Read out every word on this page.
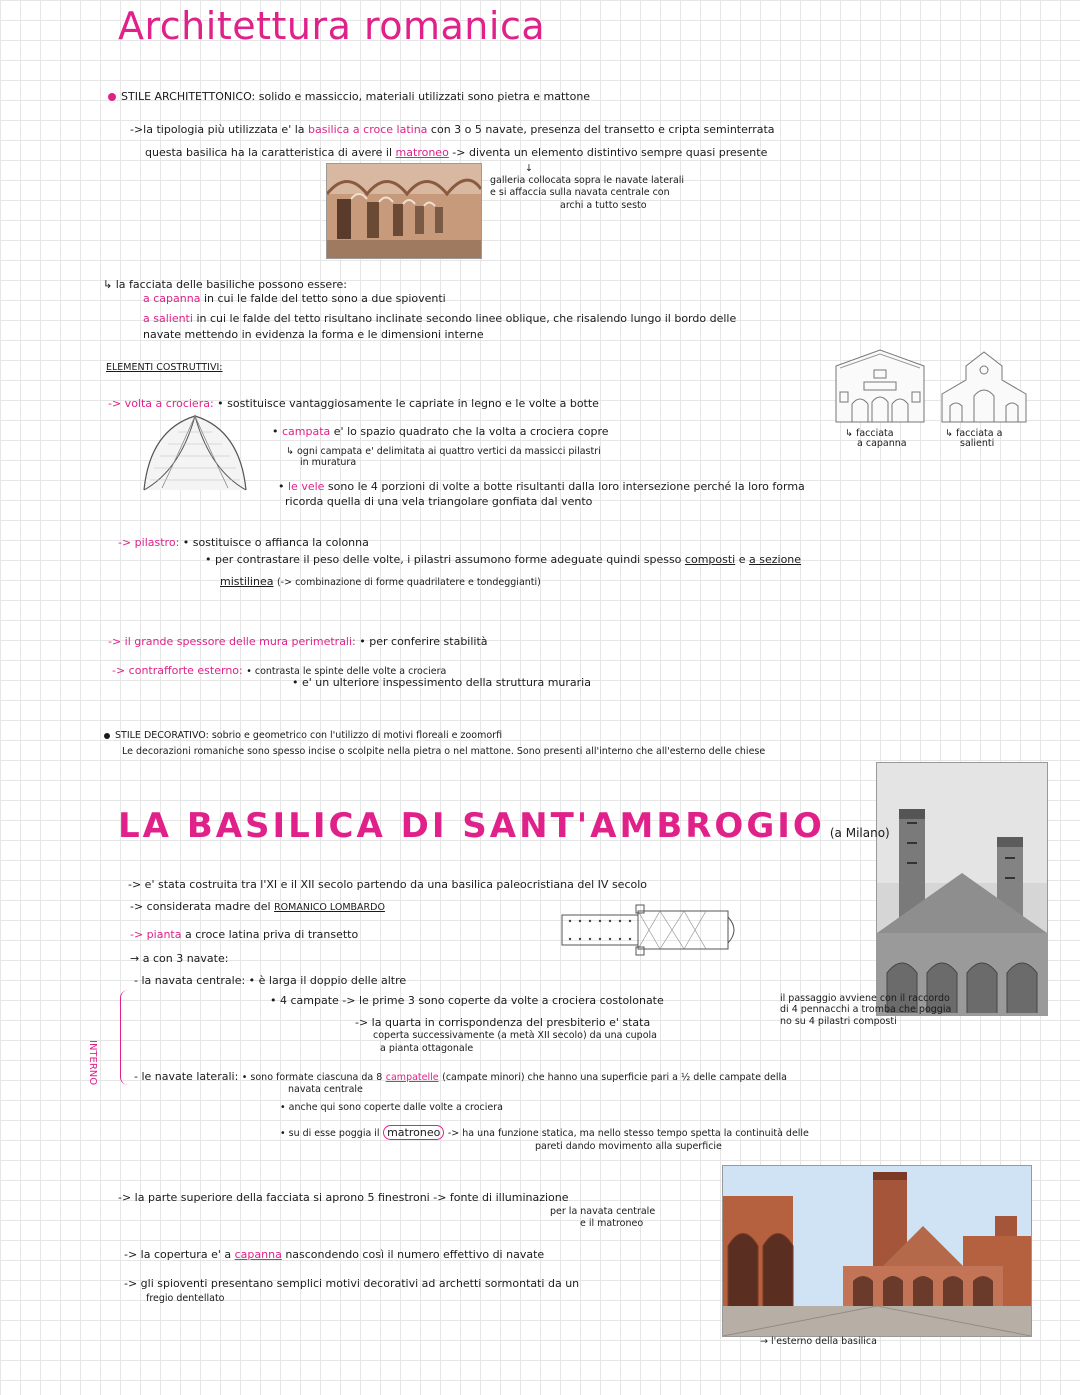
Architettura romanica
STILE ARCHITETTONICO: solido e massiccio, materiali utilizzati sono pietra e mattone
->la tipologia più utilizzata e' la basilica a croce latina con 3 o 5 navate, presenza del transetto e cripta seminterrata
questa basilica ha la caratteristica di avere il matroneo -> diventa un elemento distintivo sempre quasi presente
↓
galleria collocata sopra le navate laterali
e si affaccia sulla navata centrale con
archi a tutto sesto
↳ la facciata delle basiliche possono essere:
a capanna in cui le falde del tetto sono a due spioventi
a salienti in cui le falde del tetto risultano inclinate secondo linee oblique, che risalendo lungo il bordo delle
navate mettendo in evidenza la forma e le dimensioni interne
↳ facciata
a capanna
↳ facciata a
salienti
ELEMENTI COSTRUTTIVI:
-> volta a crociera: • sostituisce vantaggiosamente le capriate in legno e le volte a botte
• campata e' lo spazio quadrato che la volta a crociera copre
↳ ogni campata e' delimitata ai quattro vertici da massicci pilastri
in muratura
• le vele sono le 4 porzioni di volte a botte risultanti dalla loro intersezione perché la loro forma
ricorda quella di una vela triangolare gonfiata dal vento
-> pilastro: • sostituisce o affianca la colonna
• per contrastare il peso delle volte, i pilastri assumono forme adeguate quindi spesso composti e a sezione
mistilinea (-> combinazione di forme quadrilatere e tondeggianti)
-> il grande spessore delle mura perimetrali: • per conferire stabilità
-> contrafforte esterno: • contrasta le spinte delle volte a crociera
• e' un ulteriore inspessimento della struttura muraria
STILE DECORATIVO: sobrio e geometrico con l'utilizzo di motivi floreali e zoomorfi
Le decorazioni romaniche sono spesso incise o scolpite nella pietra o nel mattone. Sono presenti all'interno che all'esterno delle chiese
LA BASILICA DI SANT'AMBROGIO (a Milano)
-> e' stata costruita tra l'XI e il XII secolo partendo da una basilica paleocristiana del IV secolo
-> considerata madre del ROMANICO LOMBARDO
-> pianta a croce latina priva di transetto
→ a con 3 navate:
INTERNO
- la navata centrale: • è larga il doppio delle altre
• 4 campate -> le prime 3 sono coperte da volte a crociera costolonate
-> la quarta in corrispondenza del presbiterio e' stata
coperta successivamente (a metà XII secolo) da una cupola
a pianta ottagonale
il passaggio avviene con il raccordo
di 4 pennacchi a tromba che poggia
no su 4 pilastri composti
- le navate laterali: • sono formate ciascuna da 8 campatelle (campate minori) che hanno una superficie pari a ½ delle campate della
navata centrale
• anche qui sono coperte dalle volte a crociera
• su di esse poggia il matroneo -> ha una funzione statica, ma nello stesso tempo spetta la continuità delle
pareti dando movimento alla superficie
-> la parte superiore della facciata si aprono 5 finestroni -> fonte di illuminazione
per la navata centrale
e il matroneo
-> la copertura e' a capanna nascondendo così il numero effettivo di navate
-> gli spioventi presentano semplici motivi decorativi ad archetti sormontati da un
fregio dentellato
→ l'esterno della basilica
